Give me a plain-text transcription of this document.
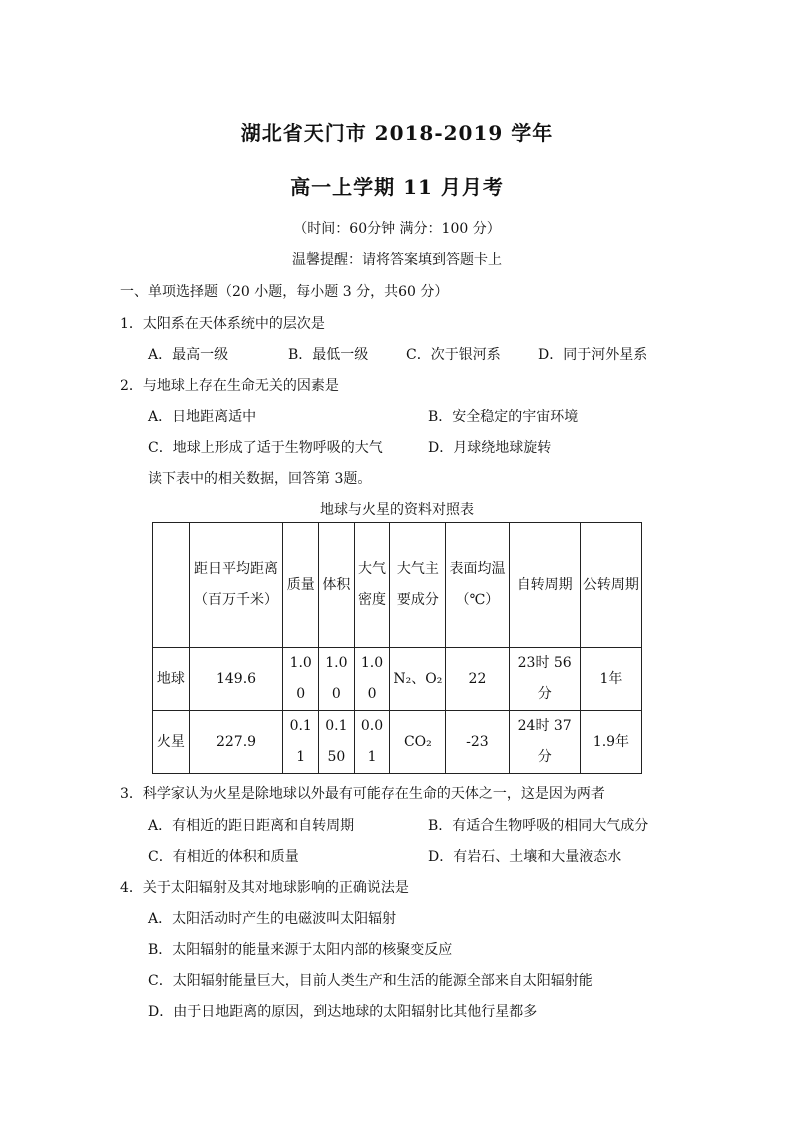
湖北省天门市 2018-2019 学年
高一上学期 11 月月考
（时间：60分钟 满分：100 分）
温馨提醒：请将答案填到答题卡上
一、单项选择题（20 小题，每小题 3 分，共60 分）
1．太阳系在天体系统中的层次是
A．最高一级	B．最低一级	C．次于银河系	D．同于河外星系
2．与地球上存在生命无关的因素是
A．日地距离适中	B．安全稳定的宇宙环境
C．地球上形成了适于生物呼吸的大气	D．月球绕地球旋转
读下表中的相关数据，回答第 3题。
地球与火星的资料对照表
	距日平均距离（百万千米）	质量	体积	大气密度	大气主要成分	表面均温（℃）	自转周期	公转周期
地球	149.6	1.00	1.00	1.00	N₂、O₂	22	23时 56分	1年
火星	227.9	0.11	0.150	0.01	CO₂	-23	24时 37分	1.9年
3．科学家认为火星是除地球以外最有可能存在生命的天体之一，这是因为两者
A．有相近的距日距离和自转周期	B．有适合生物呼吸的相同大气成分
C．有相近的体积和质量	D．有岩石、土壤和大量液态水
4．关于太阳辐射及其对地球影响的正确说法是
A．太阳活动时产生的电磁波叫太阳辐射
B．太阳辐射的能量来源于太阳内部的核聚变反应
C．太阳辐射能量巨大，目前人类生产和生活的能源全部来自太阳辐射能
D．由于日地距离的原因，到达地球的太阳辐射比其他行星都多
